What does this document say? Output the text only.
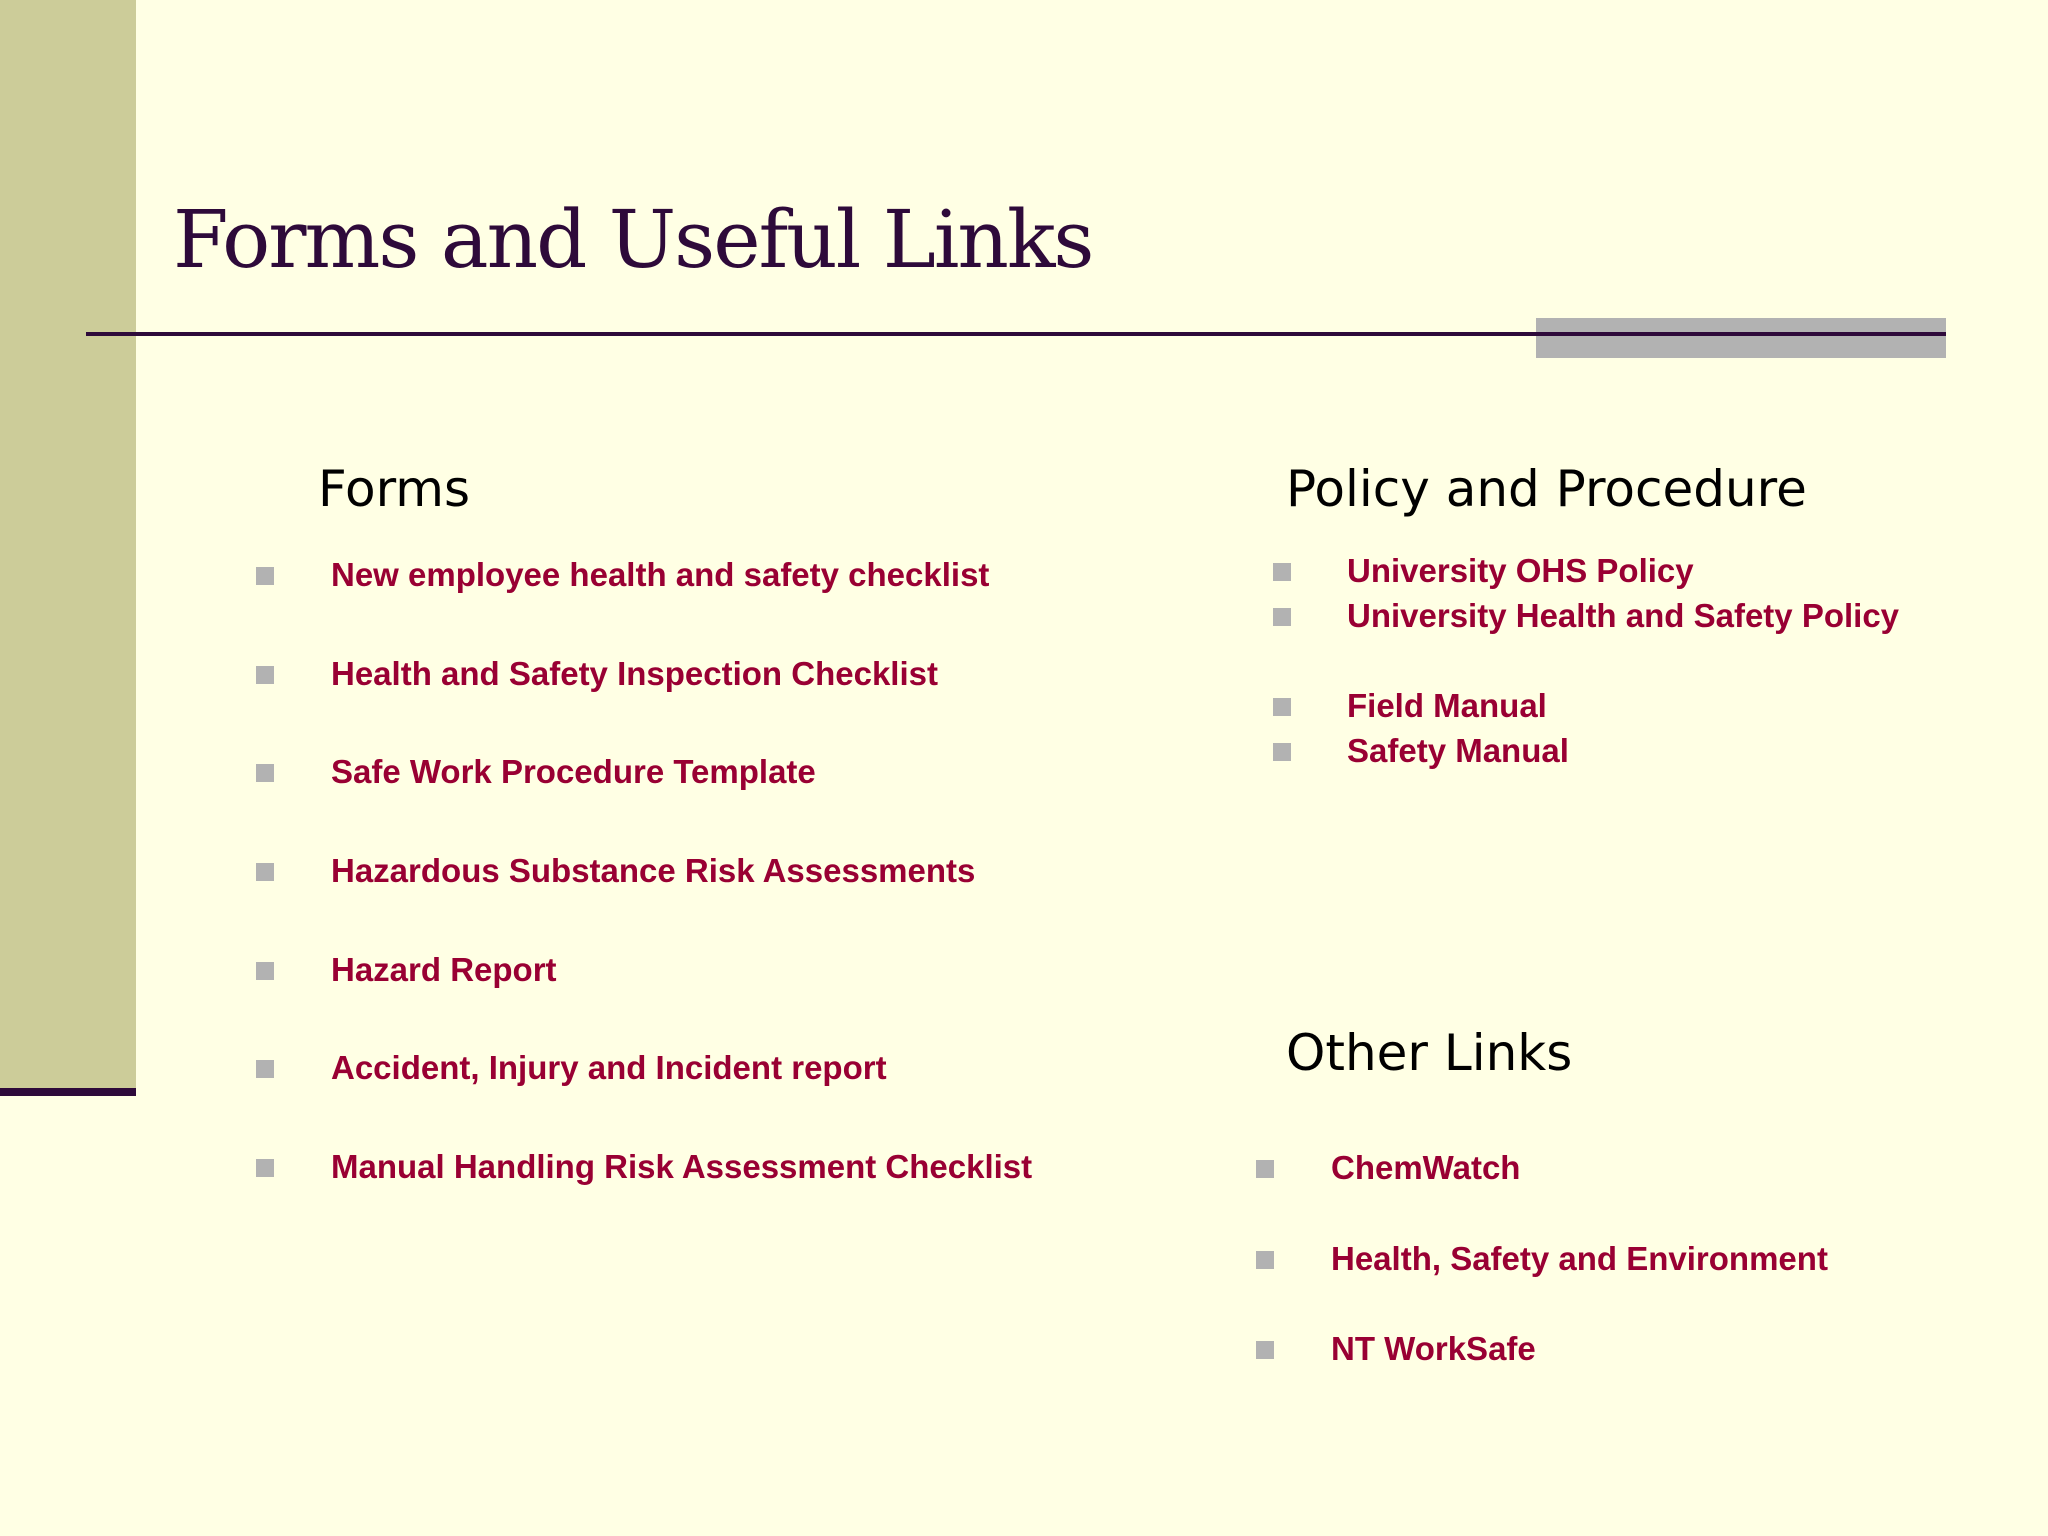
Forms and Useful Links
Forms
New employee health and safety checklist
Health and Safety Inspection Checklist
Safe Work Procedure Template
Hazardous Substance Risk Assessments
Hazard Report
Accident, Injury and Incident report
Manual Handling Risk Assessment Checklist
Policy and Procedure
University OHS Policy
University Health and Safety Policy
Field Manual
Safety Manual
Other Links
ChemWatch
Health, Safety and Environment
NT WorkSafe
